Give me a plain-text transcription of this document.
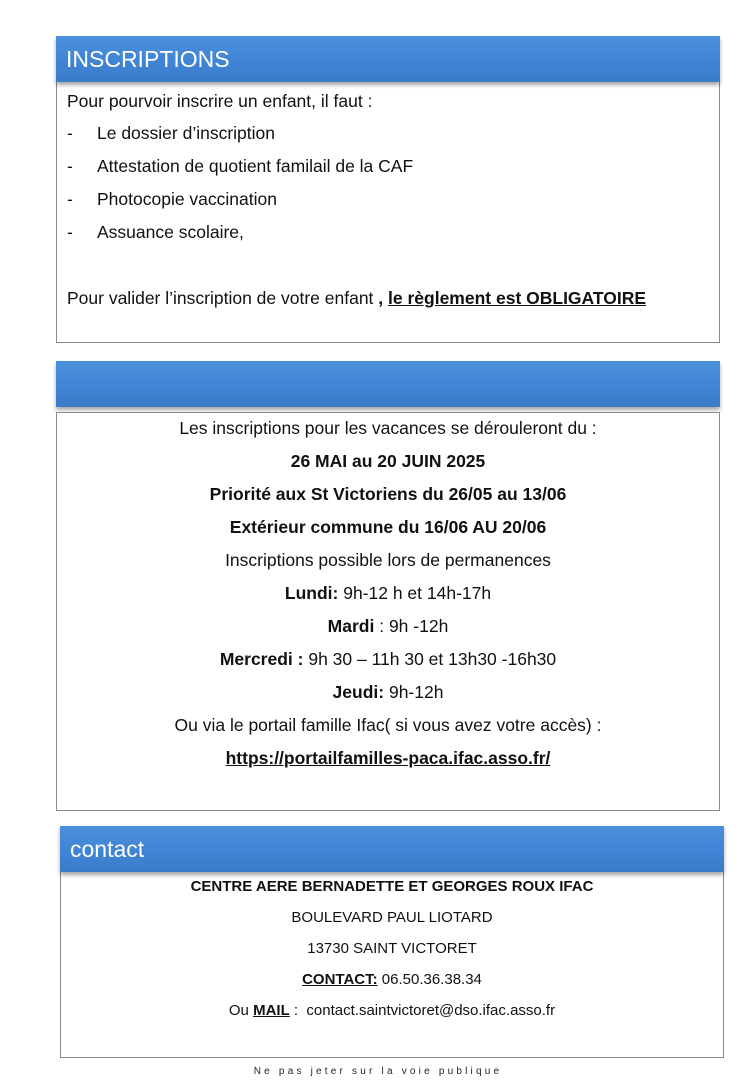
Pour pourvoir inscrire un enfant, il faut :
- Le dossier d’inscription
- Attestation de quotient familail de la CAF
- Photocopie vaccination
- Assuance scolaire,
Pour valider l’inscription de votre enfant , le règlement est OBLIGATOIRE
INSCRIPTIONS
Les inscriptions pour les vacances se dérouleront du :
26 MAI au 20 JUIN 2025
Priorité aux St Victoriens du 26/05 au 13/06
Extérieur commune du 16/06 AU 20/06
Inscriptions possible lors de permanences
Lundi: 9h-12 h et 14h-17h
Mardi : 9h -12h
Mercredi : 9h 30 – 11h 30 et 13h30 -16h30
Jeudi: 9h-12h
Ou via le portail famille Ifac( si vous avez votre accès) :
https://portailfamilles-paca.ifac.asso.fr/
CENTRE AERE BERNADETTE ET GEORGES ROUX IFAC
BOULEVARD PAUL LIOTARD
13730 SAINT VICTORET
CONTACT: 06.50.36.38.34
Ou MAIL :  contact.saintvictoret@dso.ifac.asso.fr
contact
Ne pas jeter sur la voie publique
